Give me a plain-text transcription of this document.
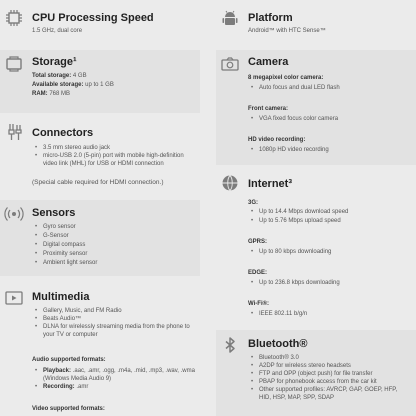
CPU Processing Speed
1.5 GHz, dual core
Storage¹
Total storage: 4 GB
Available storage: up to 1 GB
RAM: 768 MB
Connectors
• 3.5 mm stereo audio jack
• micro-USB 2.0 (5-pin) port with mobile high-definition
video link (MHL) for USB or HDMI connection
(Special cable required for HDMI connection.)
Sensors
• Gyro sensor
• G-Sensor
• Digital compass
• Proximity sensor
• Ambient light sensor
Multimedia
• Gallery, Music, and FM Radio
• Beats Audio™
• DLNA for wirelessly streaming media from the phone to
your TV or computer
Audio supported formats:
• Playback: .aac, .amr, .ogg, .m4a, .mid, .mp3, .wav, .wma
(Windows Media Audio 9)
• Recording: .amr
Video supported formats:
Platform
Android™ with HTC Sense™
Camera
8 megapixel color camera:
• Auto focus and dual LED flash
Front camera:
• VGA fixed focus color camera
HD video recording:
• 1080p HD video recording
Internet³
3G:
• Up to 14.4 Mbps download speed
• Up to 5.76 Mbps upload speed
GPRS:
• Up to 80 kbps downloading
EDGE:
• Up to 236.8 kbps downloading
Wi-Fi®:
• IEEE 802.11 b/g/n
Bluetooth®
• Bluetooth® 3.0
• A2DP for wireless stereo headsets
• FTP and OPP (object push) for file transfer
• PBAP for phonebook access from the car kit
• Other supported profiles: AVRCP, GAP, GOEP, HFP,
HID, HSP, MAP, SPP, SDAP
